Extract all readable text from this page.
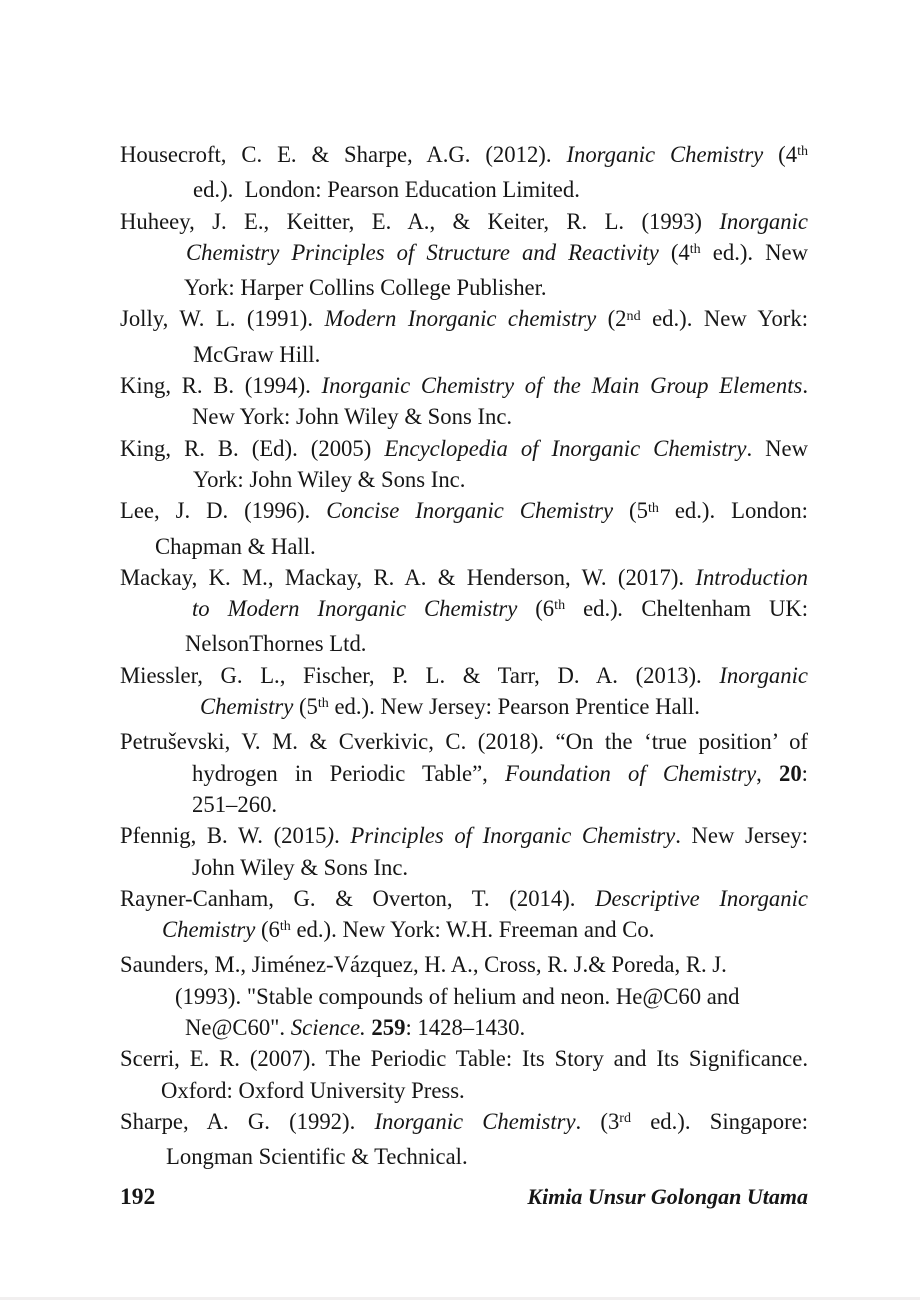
Housecroft, C. E. & Sharpe, A.G. (2012). Inorganic Chemistry (4th
ed.).  London: Pearson Education Limited.
Huheey, J. E., Keitter, E. A., & Keiter, R. L. (1993) Inorganic
Chemistry Principles of Structure and Reactivity (4th ed.). New
York: Harper Collins College Publisher.
Jolly, W. L. (1991). Modern Inorganic chemistry (2nd ed.). New York:
McGraw Hill.
King, R. B. (1994). Inorganic Chemistry of the Main Group Elements.
New York: John Wiley & Sons Inc.
King, R. B. (Ed). (2005) Encyclopedia of Inorganic Chemistry. New
York: John Wiley & Sons Inc.
Lee, J. D. (1996). Concise Inorganic Chemistry (5th ed.). London:
Chapman & Hall.
Mackay, K. M., Mackay, R. A. & Henderson, W. (2017). Introduction
to Modern Inorganic Chemistry (6th ed.). Cheltenham UK:
NelsonThornes Ltd.
Miessler, G. L., Fischer, P. L. & Tarr, D. A. (2013). Inorganic
Chemistry (5th ed.). New Jersey: Pearson Prentice Hall.
Petruševski, V. M. & Cverkivic, C. (2018). “On the ‘true position’ of
hydrogen in Periodic Table”, Foundation of Chemistry, 20:
251–260.
Pfennig, B. W. (2015). Principles of Inorganic Chemistry. New Jersey:
John Wiley & Sons Inc.
Rayner-Canham, G. & Overton, T. (2014). Descriptive Inorganic
Chemistry (6th ed.). New York: W.H. Freeman and Co.
Saunders, M., Jiménez-Vázquez, H. A., Cross, R. J.& Poreda, R. J.
(1993). "Stable compounds of helium and neon. He@C60 and
Ne@C60". Science. 259: 1428–1430.
Scerri, E. R. (2007). The Periodic Table: Its Story and Its Significance.
Oxford: Oxford University Press.
Sharpe, A. G. (1992). Inorganic Chemistry. (3rd ed.). Singapore:
Longman Scientific & Technical.
192	Kimia Unsur Golongan Utama
